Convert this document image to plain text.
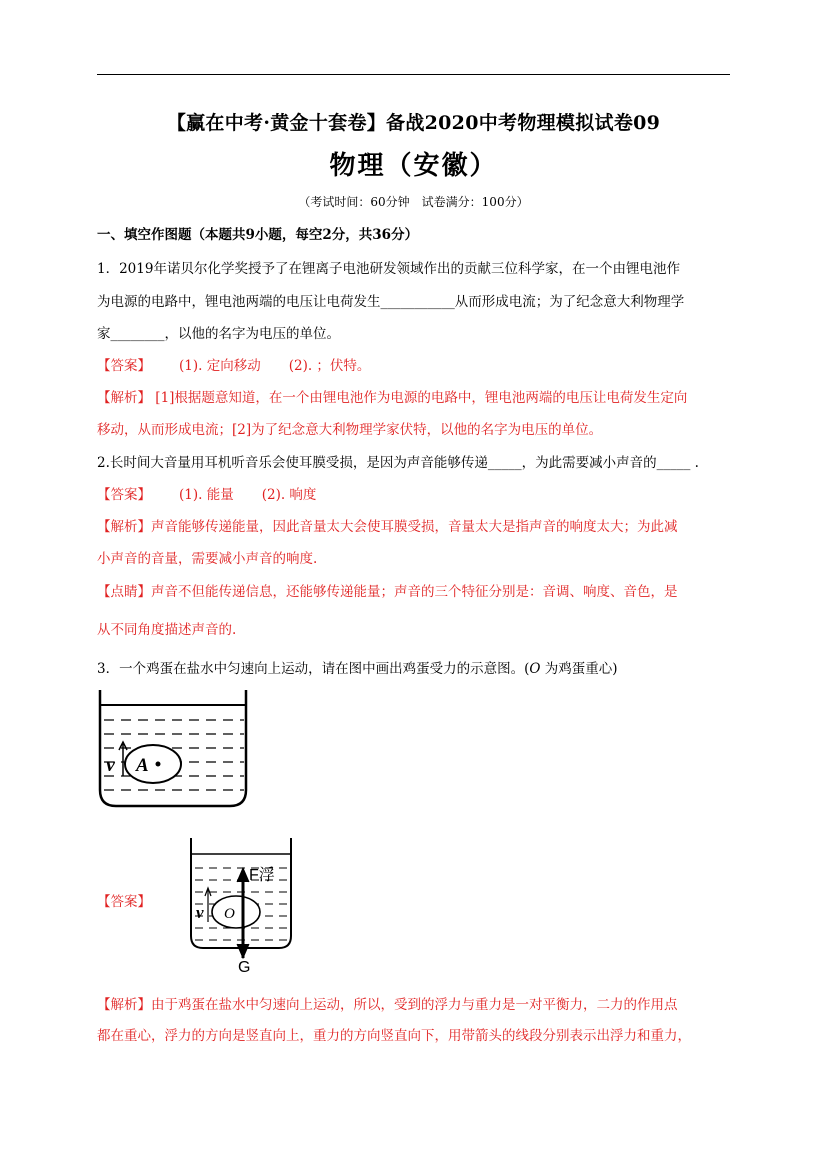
【赢在中考·黄金十套卷】备战2020中考物理模拟试卷09
物理（安徽）
（考试时间：60分钟　试卷满分：100分）
一、填空作图题（本题共9小题，每空2分，共36分）
1．2019年诺贝尔化学奖授予了在锂离子电池研发领域作出的贡献三位科学家，在一个由锂电池作
为电源的电路中，锂电池两端的电压让电荷发生___________从而形成电流；为了纪念意大利物理学
家________，以他的名字为电压的单位。
【答案】 (1). 定向移动 (2). ；伏特。
【解析】 [1]根据题意知道，在一个由锂电池作为电源的电路中，锂电池两端的电压让电荷发生定向
移动，从而形成电流；[2]为了纪念意大利物理学家伏特，以他的名字为电压的单位。
2.长时间大音量用耳机听音乐会使耳膜受损，是因为声音能够传递_____，为此需要减小声音的_____ .
【答案】 (1). 能量 (2). 响度
【解析】声音能够传递能量，因此音量太大会使耳膜受损，音量太大是指声音的响度太大；为此减
小声音的音量，需要减小声音的响度.
【点睛】声音不但能传递信息，还能够传递能量；声音的三个特征分别是：音调、响度、音色，是
从不同角度描述声音的.
3．一个鸡蛋在盐水中匀速向上运动，请在图中画出鸡蛋受力的示意图。(O 为鸡蛋重心)
v A
【答案】
v O
F浮
G
【解析】由于鸡蛋在盐水中匀速向上运动，所以，受到的浮力与重力是一对平衡力，二力的作用点
都在重心，浮力的方向是竖直向上，重力的方向竖直向下，用带箭头的线段分别表示出浮力和重力，
